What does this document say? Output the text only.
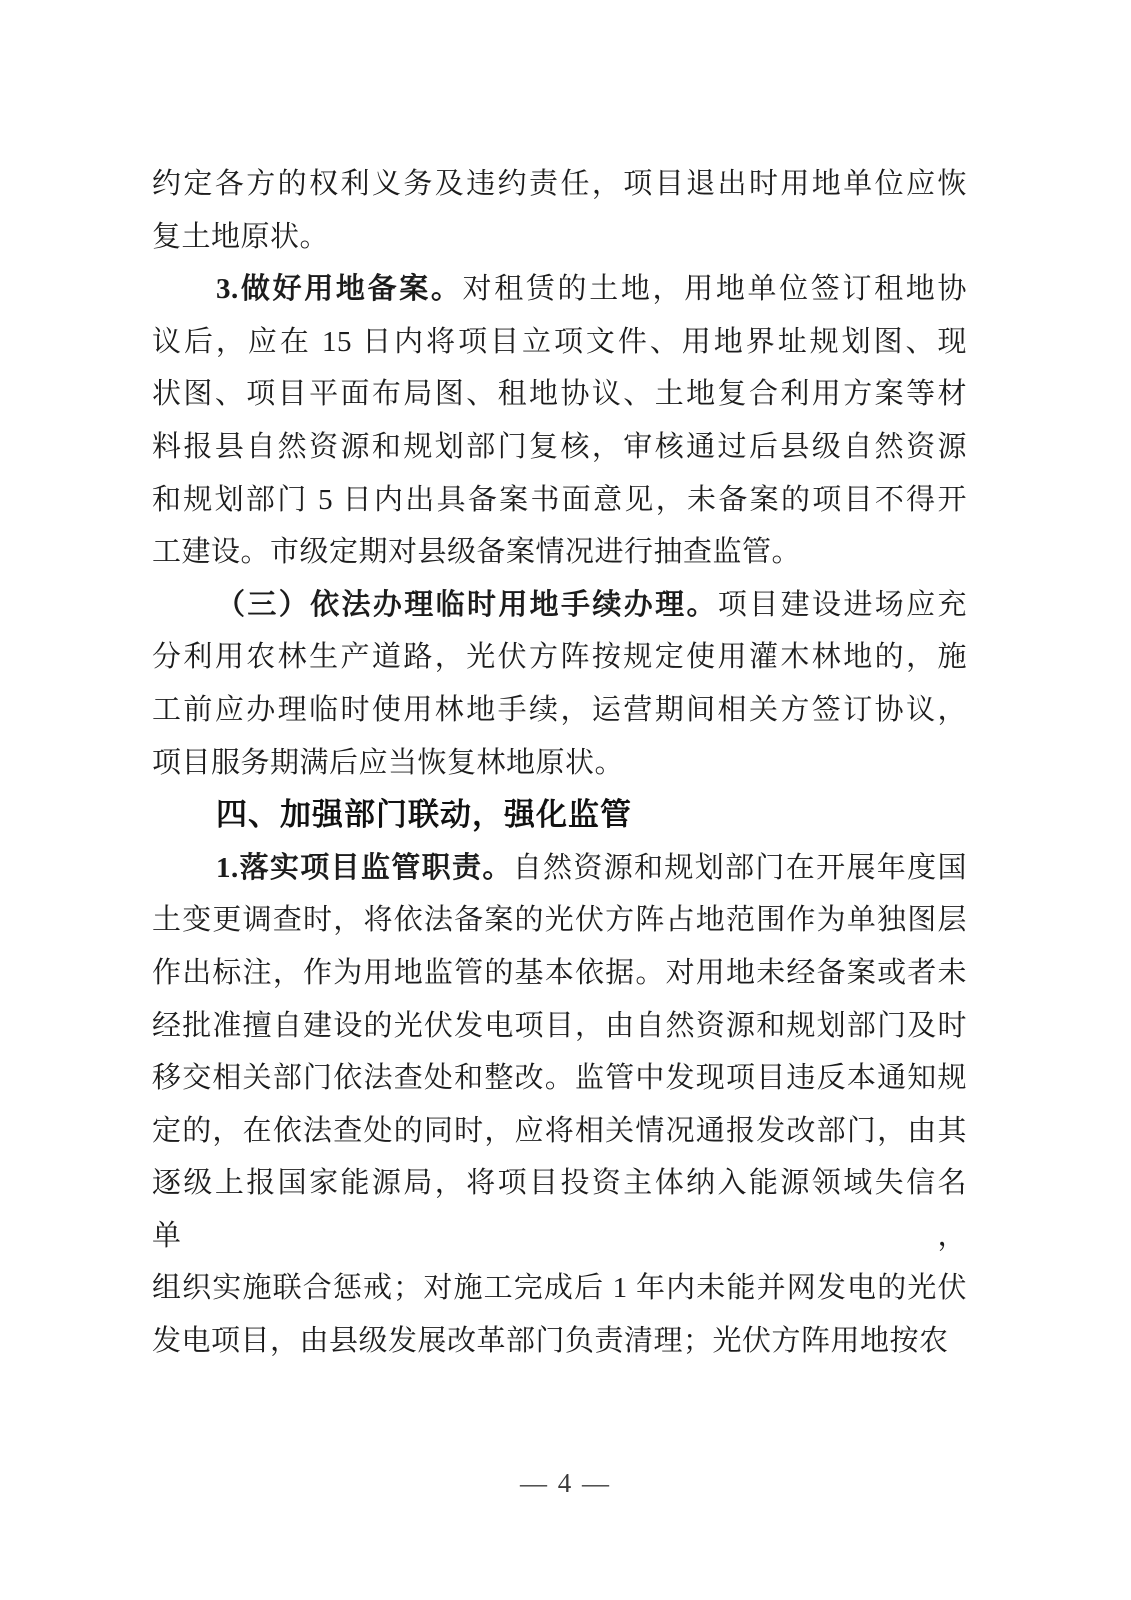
约定各方的权利义务及违约责任，项目退出时用地单位应恢
复土地原状。
3.做好用地备案。对租赁的土地，用地单位签订租地协
议后，应在 15 日内将项目立项文件、用地界址规划图、现
状图、项目平面布局图、租地协议、土地复合利用方案等材
料报县自然资源和规划部门复核，审核通过后县级自然资源
和规划部门 5 日内出具备案书面意见，未备案的项目不得开
工建设。市级定期对县级备案情况进行抽查监管。
（三）依法办理临时用地手续办理。项目建设进场应充
分利用农林生产道路，光伏方阵按规定使用灌木林地的，施
工前应办理临时使用林地手续，运营期间相关方签订协议，
项目服务期满后应当恢复林地原状。
四、加强部门联动，强化监管
1.落实项目监管职责。自然资源和规划部门在开展年度国
土变更调查时，将依法备案的光伏方阵占地范围作为单独图层
作出标注，作为用地监管的基本依据。对用地未经备案或者未
经批准擅自建设的光伏发电项目，由自然资源和规划部门及时
移交相关部门依法查处和整改。监管中发现项目违反本通知规
定的，在依法查处的同时，应将相关情况通报发改部门，由其
逐级上报国家能源局，将项目投资主体纳入能源领域失信名单，
组织实施联合惩戒；对施工完成后 1 年内未能并网发电的光伏
发电项目，由县级发展改革部门负责清理；光伏方阵用地按农
— 4 —
